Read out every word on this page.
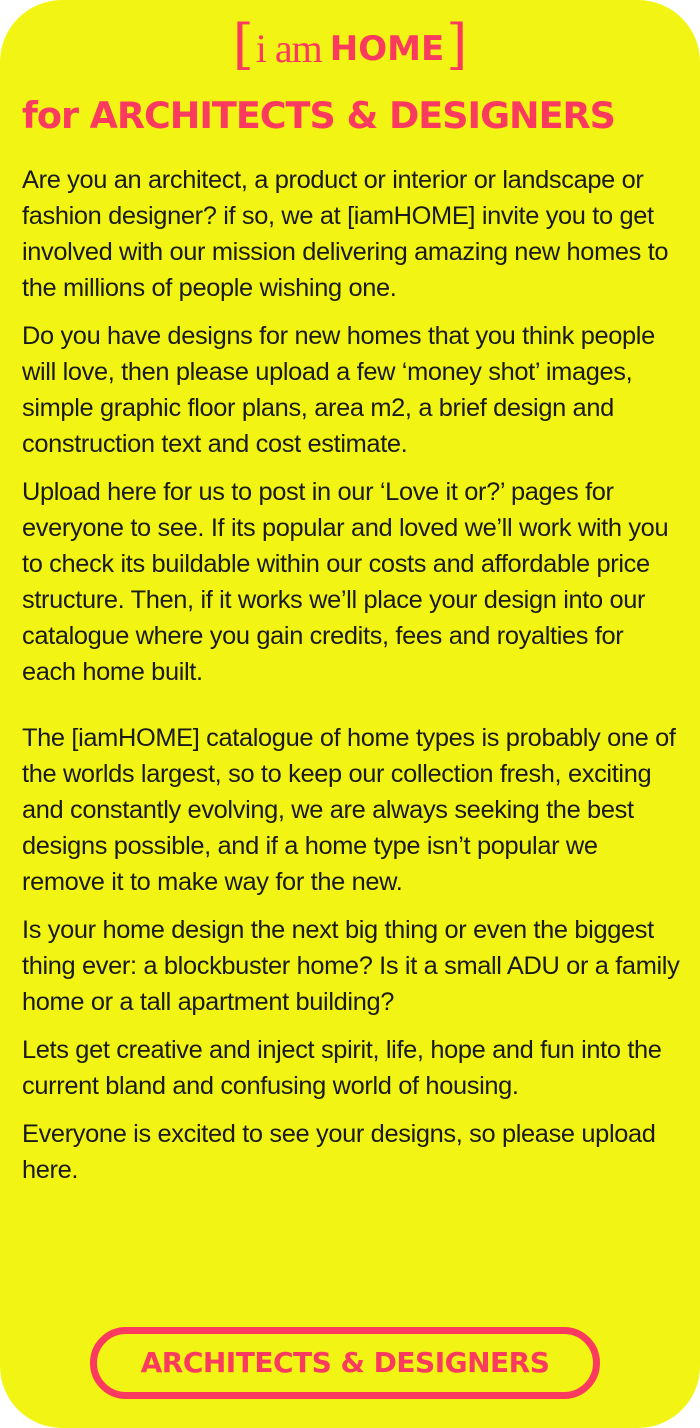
[i am HOME]
for ARCHITECTS & DESIGNERS

Are you an architect, a product or interior or landscape or fashion designer? if so, we at [iamHOME] invite you to get involved with our mission delivering amazing new homes to the millions of people wishing one.

Do you have designs for new homes that you think people will love, then please upload a few ‘money shot’ images, simple graphic floor plans, area m2, a brief design and construction text and cost estimate.

Upload here for us to post in our ‘Love it or?’ pages for everyone to see. If its popular and loved we’ll work with you to check its buildable within our costs and affordable price structure. Then, if it works we’ll place your design into our catalogue where you gain credits, fees and royalties for each home built.

The [iamHOME] catalogue of home types is probably one of the worlds largest, so to keep our collection fresh, exciting and constantly evolving, we are always seeking the best designs possible, and if a home type isn’t popular we remove it to make way for the new.

Is your home design the next big thing or even the biggest thing ever: a blockbuster home? Is it a small ADU or a family home or a tall apartment building?

Lets get creative and inject spirit, life, hope and fun into the current bland and confusing world of housing.

Everyone is excited to see your designs, so please upload here.

ARCHITECTS & DESIGNERS
